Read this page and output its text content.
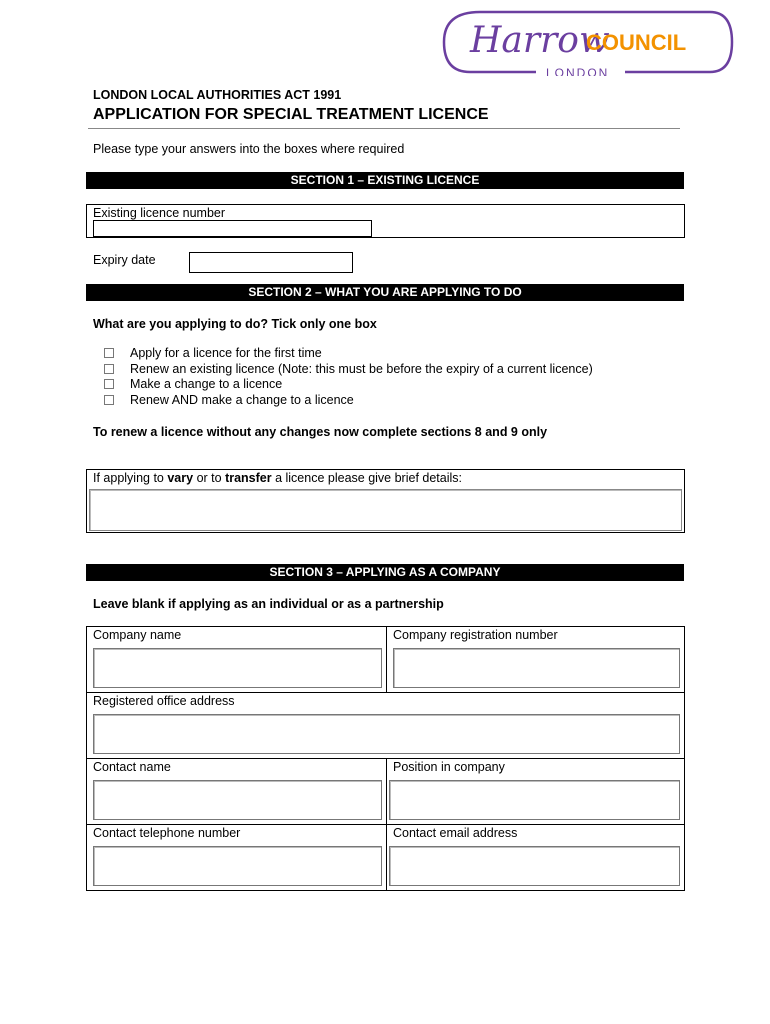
Harrow
COUNCIL
LONDON
LONDON LOCAL AUTHORITIES ACT 1991
APPLICATION FOR SPECIAL TREATMENT LICENCE
Please type your answers into the boxes where required
SECTION 1 – EXISTING LICENCE
Existing licence number
Expiry date
SECTION 2 – WHAT YOU ARE APPLYING TO DO
What are you applying to do? Tick only one box
Apply for a licence for the first time
Renew an existing licence (Note: this must be before the expiry of a current licence)
Make a change to a licence
Renew AND make a change to a licence
To renew a licence without any changes now complete sections 8 and 9 only
If applying to vary or to transfer a licence please give brief details:
SECTION 3 – APPLYING AS A COMPANY
Leave blank if applying as an individual or as a partnership
Company name	Company registration number

Registered office address	

Contact name	Position in company

Contact telephone number	Contact email address
